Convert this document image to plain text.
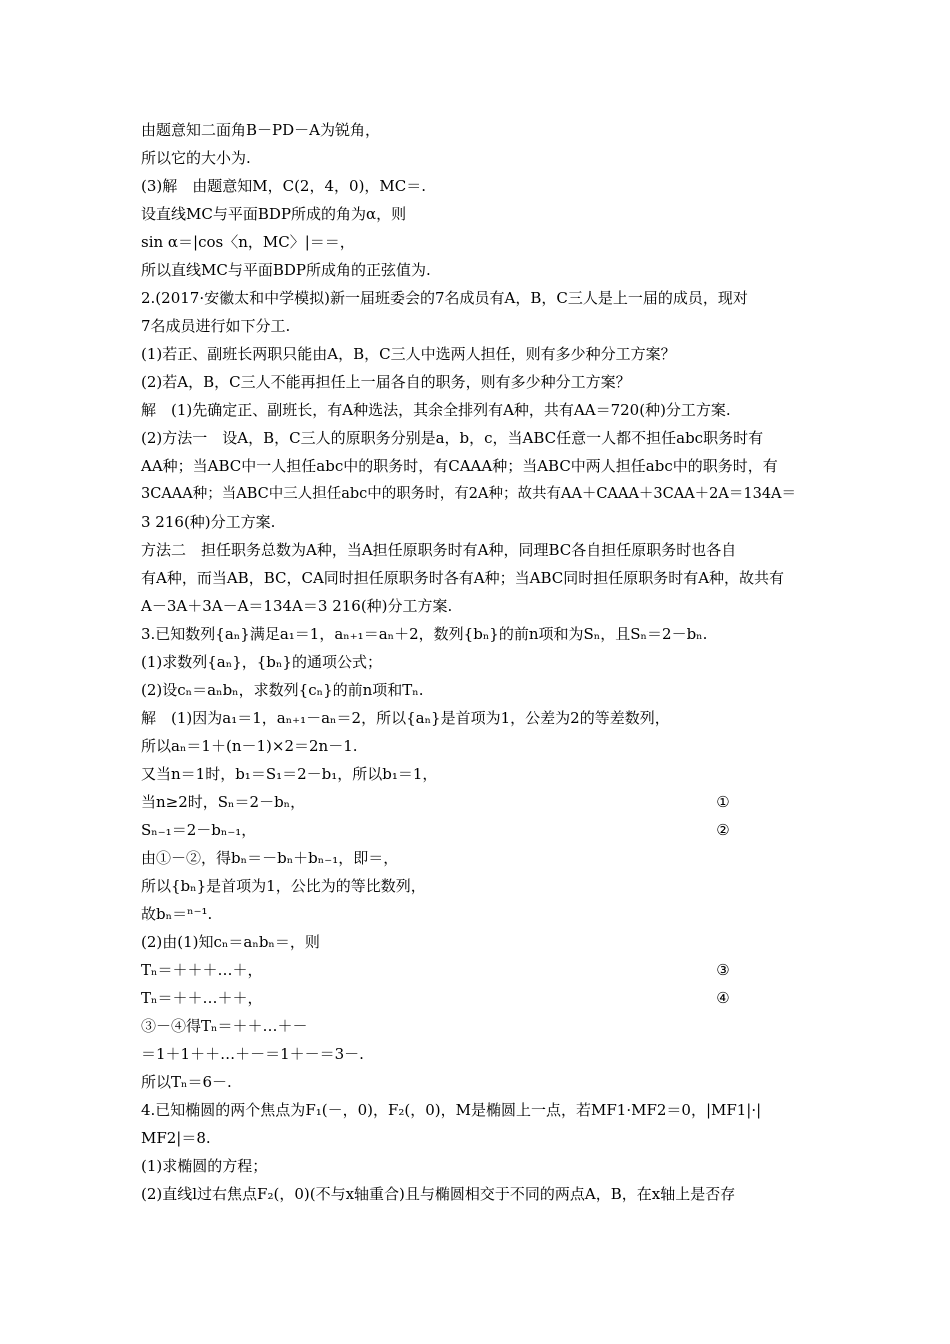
由题意知二面角B－PD－A为锐角，
所以它的大小为.
(3)解　由题意知M，C(2，4，0)，MC＝.
设直线MC与平面BDP所成的角为α，则
sin α＝|cos〈n，MC〉|＝＝，
所以直线MC与平面BDP所成角的正弦值为.
2.(2017·安徽太和中学模拟)新一届班委会的7名成员有A，B，C三人是上一届的成员，现对
7名成员进行如下分工.
(1)若正、副班长两职只能由A，B，C三人中选两人担任，则有多少种分工方案？
(2)若A，B，C三人不能再担任上一届各自的职务，则有多少种分工方案？
解　(1)先确定正、副班长，有A种选法，其余全排列有A种，共有AA＝720(种)分工方案.
(2)方法一　设A，B，C三人的原职务分别是a，b，c，当ABC任意一人都不担任abc职务时有
AA种；当ABC中一人担任abc中的职务时，有CAAA种；当ABC中两人担任abc中的职务时，有
3CAAA种；当ABC中三人担任abc中的职务时，有2A种；故共有AA＋CAAA＋3CAA＋2A＝134A＝
3 216(种)分工方案.
方法二　担任职务总数为A种，当A担任原职务时有A种，同理BC各自担任原职务时也各自
有A种，而当AB，BC，CA同时担任原职务时各有A种；当ABC同时担任原职务时有A种，故共有
A－3A＋3A－A＝134A＝3 216(种)分工方案.
3.已知数列{aₙ}满足a₁＝1，aₙ₊₁＝aₙ＋2，数列{bₙ}的前n项和为Sₙ，且Sₙ＝2－bₙ.
(1)求数列{aₙ}，{bₙ}的通项公式；
(2)设cₙ＝aₙbₙ，求数列{cₙ}的前n项和Tₙ.
解　(1)因为a₁＝1，aₙ₊₁－aₙ＝2，所以{aₙ}是首项为1，公差为2的等差数列，
所以aₙ＝1＋(n－1)×2＝2n－1.
又当n＝1时，b₁＝S₁＝2－b₁，所以b₁＝1，
当n≥2时，Sₙ＝2－bₙ，	①
Sₙ₋₁＝2－bₙ₋₁，	②
由①－②，得bₙ＝－bₙ＋bₙ₋₁，即＝，
所以{bₙ}是首项为1，公比为的等比数列，
故bₙ＝ⁿ⁻¹.
(2)由(1)知cₙ＝aₙbₙ＝，则
Tₙ＝＋＋＋…＋，	③
Tₙ＝＋＋…＋＋，	④
③－④得Tₙ＝＋＋…＋－
＝1＋1＋＋…＋－＝1＋－＝3－.
所以Tₙ＝6－.
4.已知椭圆的两个焦点为F₁(－，0)，F₂(，0)，M是椭圆上一点，若MF1·MF2＝0，|MF1|·|
MF2|＝8.
(1)求椭圆的方程；
(2)直线l过右焦点F₂(，0)(不与x轴重合)且与椭圆相交于不同的两点A，B，在x轴上是否存
